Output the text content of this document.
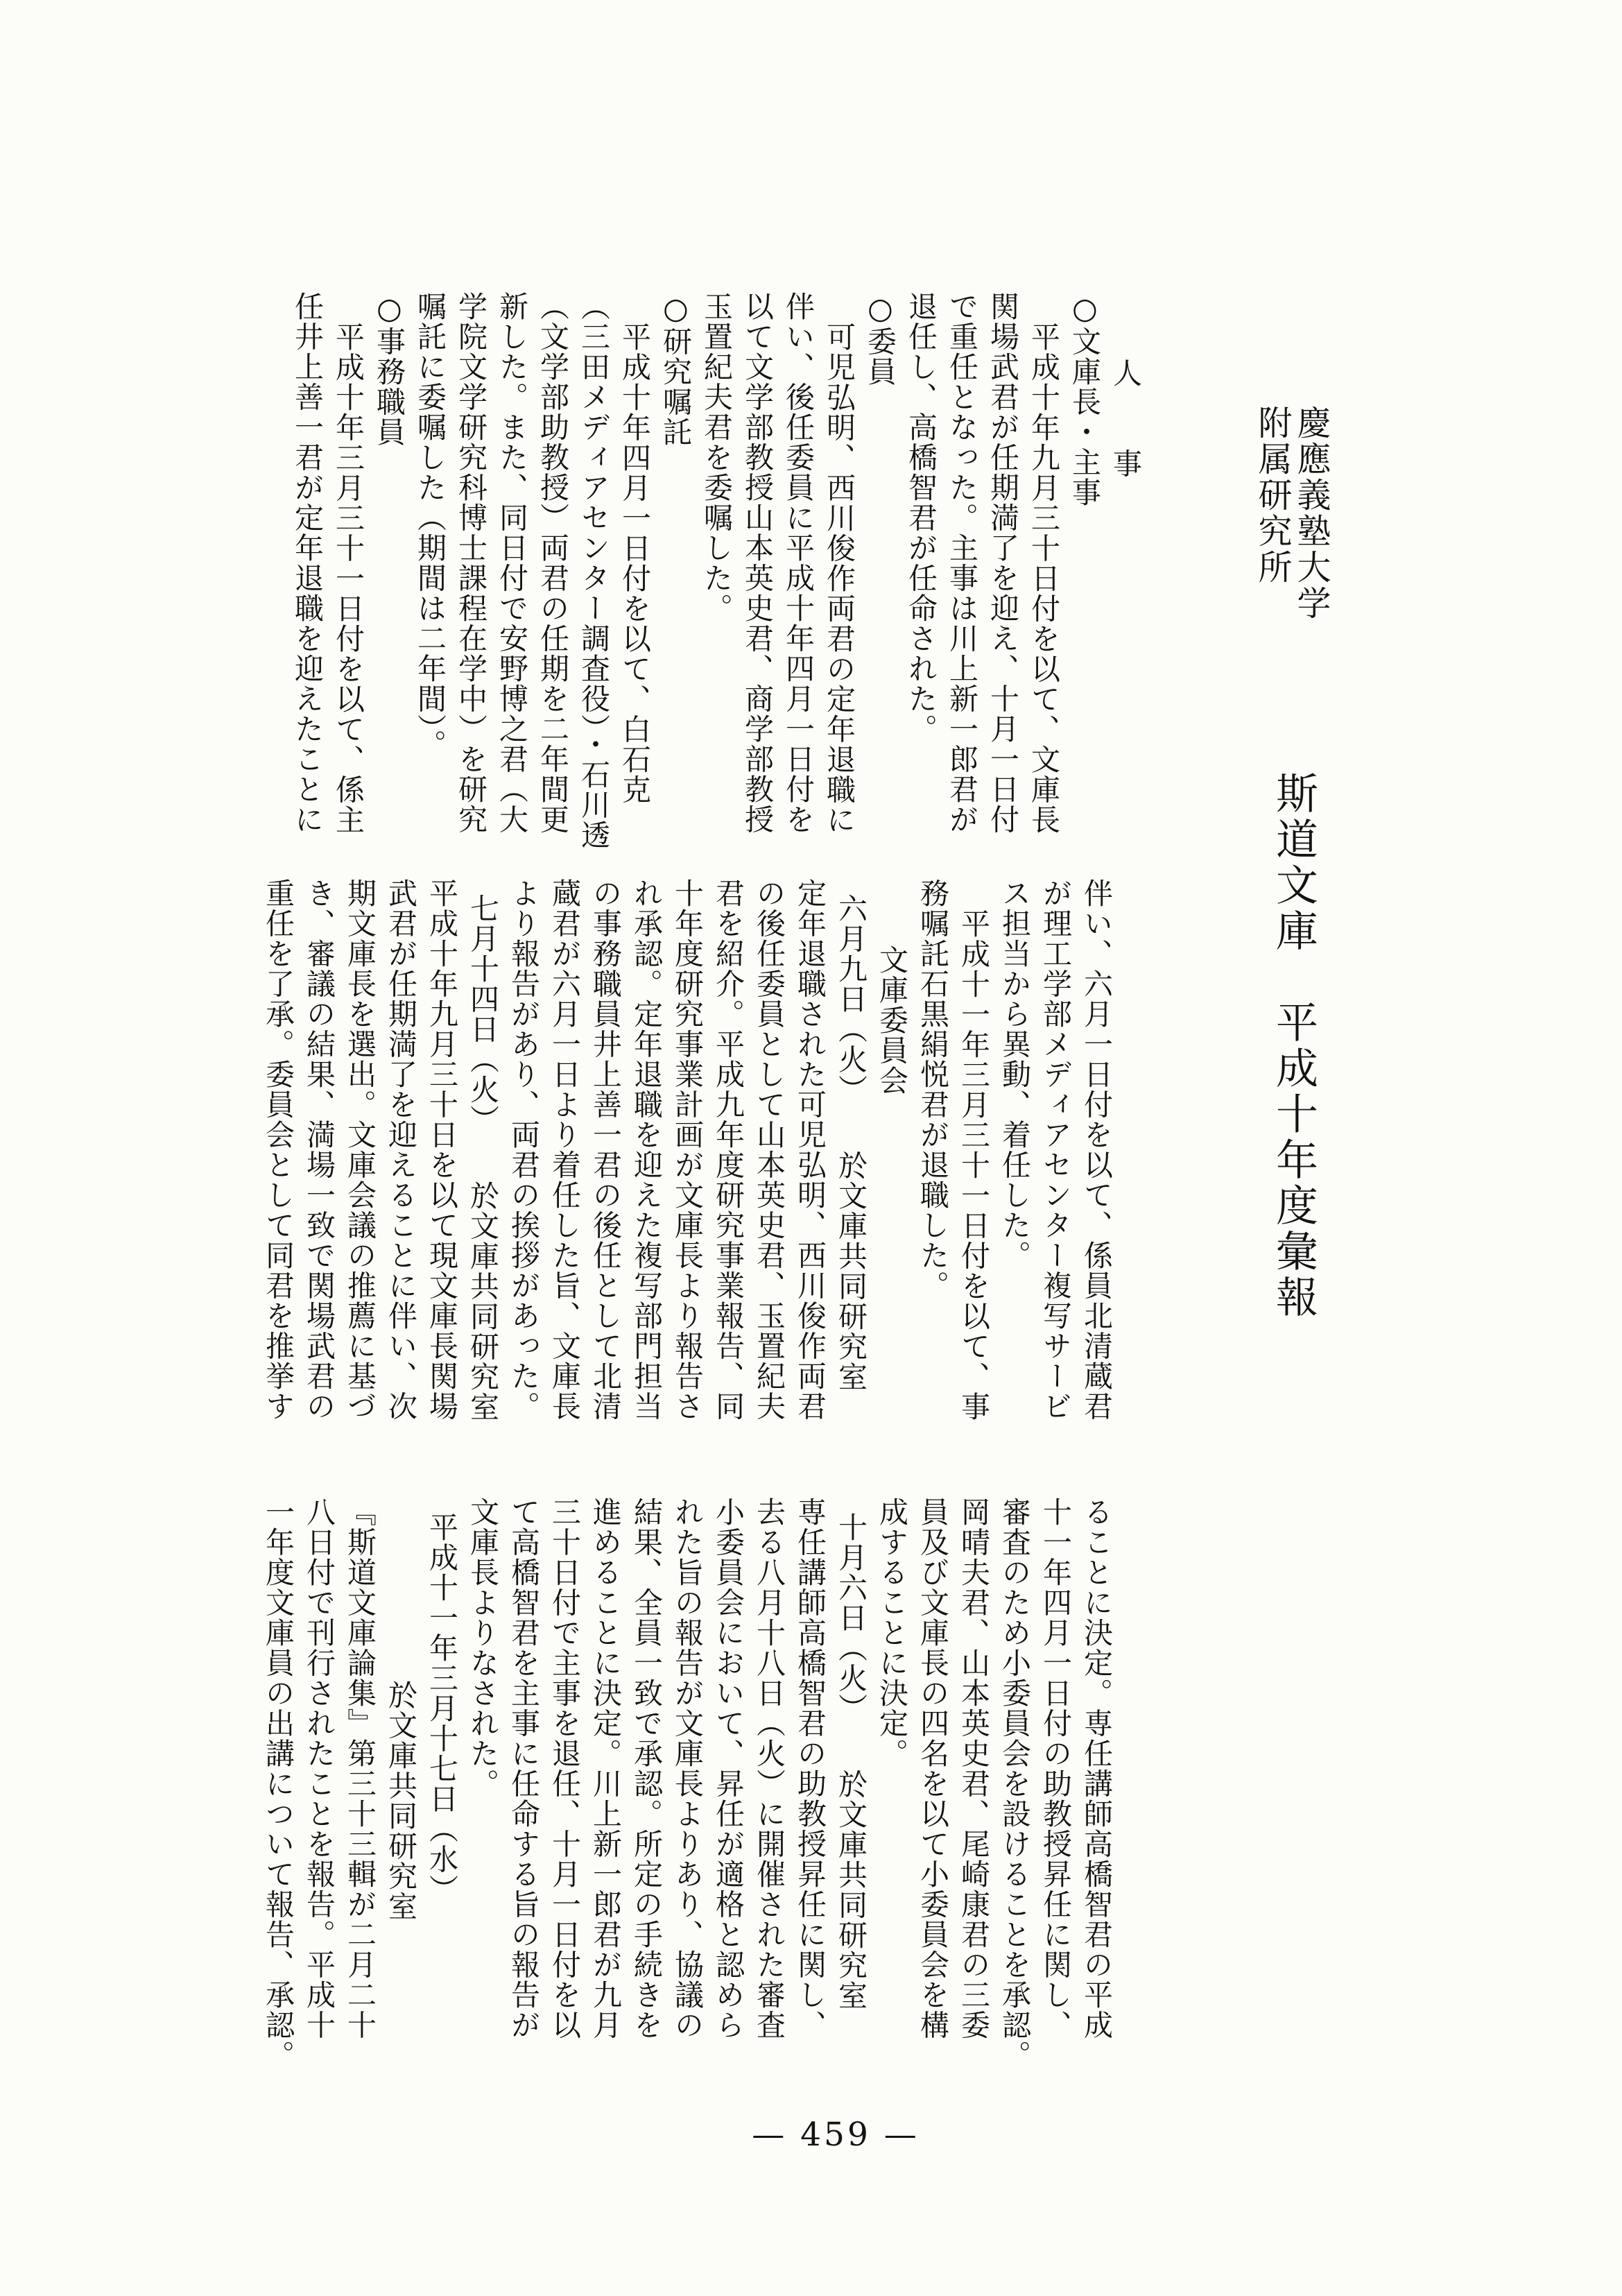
慶應義塾大学
附属研究所
斯道文庫　平成十年度彙報
人　　事
○文庫長・主事
平成十年九月三十日付を以て、文庫長
関場武君が任期満了を迎え、十月一日付
で重任となった。主事は川上新一郎君が
退任し、高橋智君が任命された。
○委員
可児弘明、西川俊作両君の定年退職に
伴い、後任委員に平成十年四月一日付を
以て文学部教授山本英史君、商学部教授
玉置紀夫君を委嘱した。
○研究嘱託
平成十年四月一日付を以て、白石克
（三田メディアセンター調査役）・石川透
（文学部助教授）両君の任期を二年間更
新した。また、同日付で安野博之君（大
学院文学研究科博士課程在学中）を研究
嘱託に委嘱した（期間は二年間）。
○事務職員
平成十年三月三十一日付を以て、係主
任井上善一君が定年退職を迎えたことに
伴い、六月一日付を以て、係員北清蔵君
が理工学部メディアセンター複写サービ
ス担当から異動、着任した。
平成十一年三月三十一日付を以て、事
務嘱託石黒絹悦君が退職した。
文庫委員会
六月九日（火）　　於文庫共同研究室
定年退職された可児弘明、西川俊作両君
の後任委員として山本英史君、玉置紀夫
君を紹介。平成九年度研究事業報告、同
十年度研究事業計画が文庫長より報告さ
れ承認。定年退職を迎えた複写部門担当
の事務職員井上善一君の後任として北清
蔵君が六月一日より着任した旨、文庫長
より報告があり、両君の挨拶があった。
七月十四日（火）　　於文庫共同研究室
平成十年九月三十日を以て現文庫長関場
武君が任期満了を迎えることに伴い、次
期文庫長を選出。文庫会議の推薦に基づ
き、審議の結果、満場一致で関場武君の
重任を了承。委員会として同君を推挙す
ることに決定。専任講師高橋智君の平成
十一年四月一日付の助教授昇任に関し、
審査のため小委員会を設けることを承認。
岡晴夫君、山本英史君、尾崎康君の三委
員及び文庫長の四名を以て小委員会を構
成することに決定。
十月六日（火）　　於文庫共同研究室
専任講師高橋智君の助教授昇任に関し、
去る八月十八日（火）に開催された審査
小委員会において、昇任が適格と認めら
れた旨の報告が文庫長よりあり、協議の
結果、全員一致で承認。所定の手続きを
進めることに決定。川上新一郎君が九月
三十日付で主事を退任、十月一日付を以
て高橋智君を主事に任命する旨の報告が
文庫長よりなされた。
平成十一年三月十七日（水）
於文庫共同研究室
『斯道文庫論集』第三十三輯が二月二十
八日付で刊行されたことを報告。平成十
一年度文庫員の出講について報告、承認。
— 459 —
